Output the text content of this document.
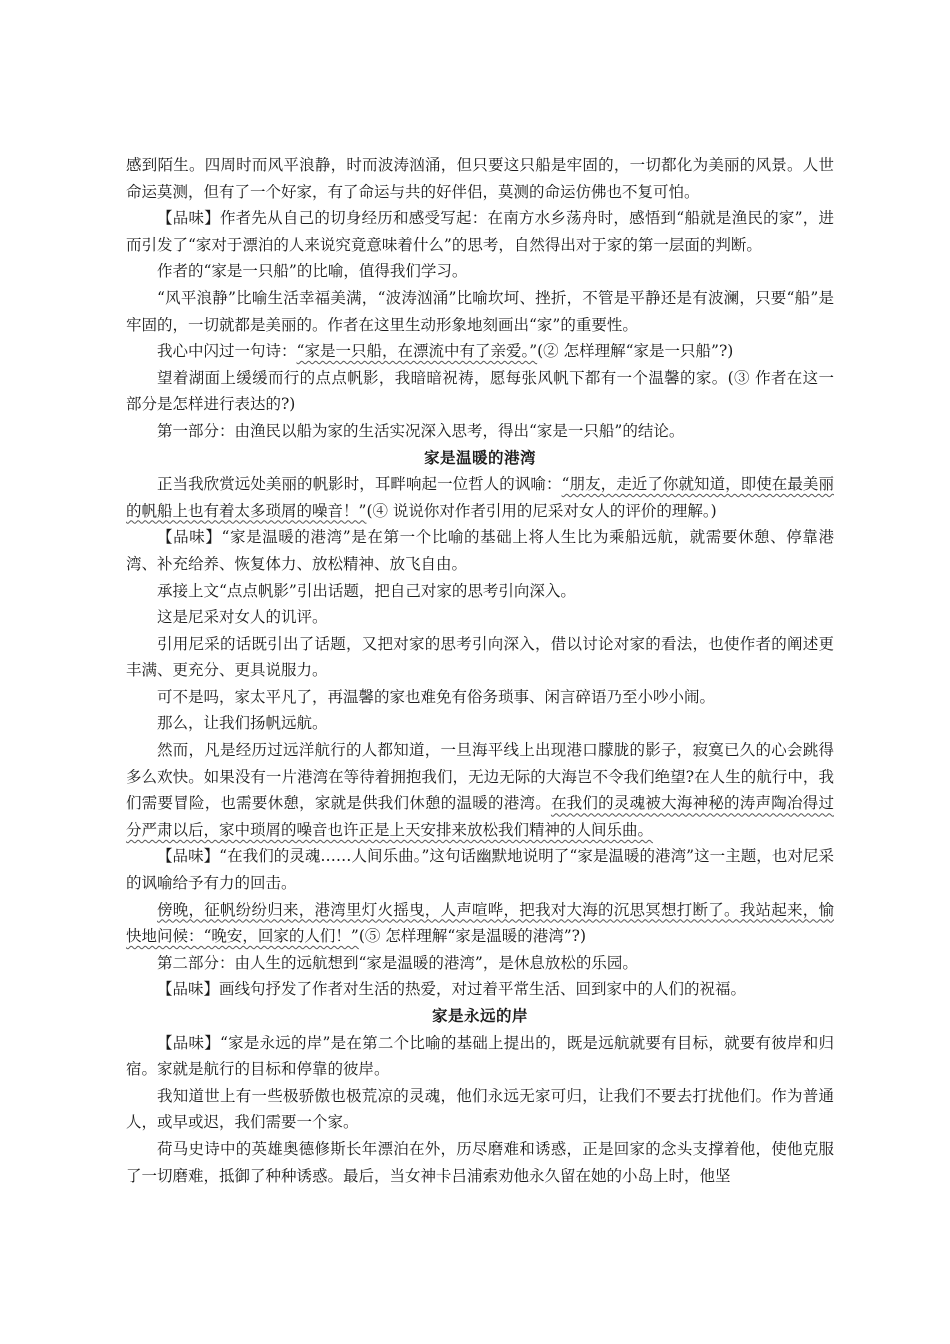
感到陌生。四周时而风平浪静，时而波涛汹涌，但只要这只船是牢固的，一切都化为美丽的风景。人世命运莫测，但有了一个好家，有了命运与共的好伴侣，莫测的命运仿佛也不复可怕。

【品味】作者先从自己的切身经历和感受写起：在南方水乡荡舟时，感悟到“船就是渔民的家”，进而引发了“家对于漂泊的人来说究竟意味着什么”的思考，自然得出对于家的第一层面的判断。

作者的“家是一只船”的比喻，值得我们学习。

“风平浪静”比喻生活幸福美满，“波涛汹涌”比喻坎坷、挫折，不管是平静还是有波澜，只要“船”是牢固的，一切就都是美丽的。作者在这里生动形象地刻画出“家”的重要性。

我心中闪过一句诗：“家是一只船，在漂流中有了亲爱。”(② 怎样理解“家是一只船”?)

望着湖面上缓缓而行的点点帆影，我暗暗祝祷，愿每张风帆下都有一个温馨的家。(③ 作者在这一部分是怎样进行表达的?)

第一部分：由渔民以船为家的生活实况深入思考，得出“家是一只船”的结论。

家是温暖的港湾

正当我欣赏远处美丽的帆影时，耳畔响起一位哲人的讽喻：“朋友，走近了你就知道，即使在最美丽的帆船上也有着太多琐屑的噪音！”(④ 说说你对作者引用的尼采对女人的评价的理解。)

【品味】“家是温暖的港湾”是在第一个比喻的基础上将人生比为乘船远航，就需要休憩、停靠港湾、补充给养、恢复体力、放松精神、放飞自由。

承接上文“点点帆影”引出话题，把自己对家的思考引向深入。

这是尼采对女人的讥评。

引用尼采的话既引出了话题，又把对家的思考引向深入，借以讨论对家的看法，也使作者的阐述更丰满、更充分、更具说服力。

可不是吗，家太平凡了，再温馨的家也难免有俗务琐事、闲言碎语乃至小吵小闹。

那么，让我们扬帆远航。

然而，凡是经历过远洋航行的人都知道，一旦海平线上出现港口朦胧的影子，寂寞已久的心会跳得多么欢快。如果没有一片港湾在等待着拥抱我们，无边无际的大海岂不令我们绝望?在人生的航行中，我们需要冒险，也需要休憩，家就是供我们休憩的温暖的港湾。在我们的灵魂被大海神秘的涛声陶冶得过分严肃以后，家中琐屑的噪音也许正是上天安排来放松我们精神的人间乐曲。

【品味】“在我们的灵魂……人间乐曲。”这句话幽默地说明了“家是温暖的港湾”这一主题，也对尼采的讽喻给予有力的回击。

傍晚，征帆纷纷归来，港湾里灯火摇曳，人声喧哗，把我对大海的沉思冥想打断了。我站起来，愉快地问候：“晚安，回家的人们！”(⑤ 怎样理解“家是温暖的港湾”?)

第二部分：由人生的远航想到“家是温暖的港湾”，是休息放松的乐园。

【品味】画线句抒发了作者对生活的热爱，对过着平常生活、回到家中的人们的祝福。

家是永远的岸

【品味】“家是永远的岸”是在第二个比喻的基础上提出的，既是远航就要有目标，就要有彼岸和归宿。家就是航行的目标和停靠的彼岸。

我知道世上有一些极骄傲也极荒凉的灵魂，他们永远无家可归，让我们不要去打扰他们。作为普通人，或早或迟，我们需要一个家。

荷马史诗中的英雄奥德修斯长年漂泊在外，历尽磨难和诱惑，正是回家的念头支撑着他，使他克服了一切磨难，抵御了种种诱惑。最后，当女神卡吕浦索劝他永久留在她的小岛上时，他坚
